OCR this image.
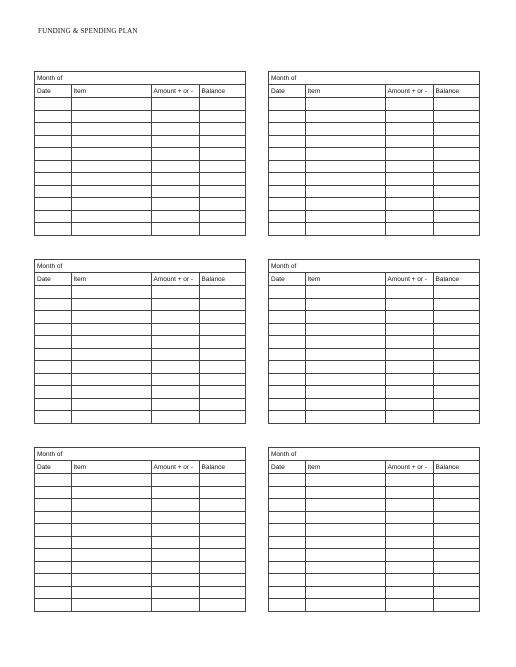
FUNDING & SPENDING PLAN
Month of
Date	Item	Amount + or -	Balance

Month of
Date	Item	Amount + or -	Balance

Month of
Date	Item	Amount + or -	Balance

Month of
Date	Item	Amount + or -	Balance

Month of
Date	Item	Amount + or -	Balance

Month of
Date	Item	Amount + or -	Balance
